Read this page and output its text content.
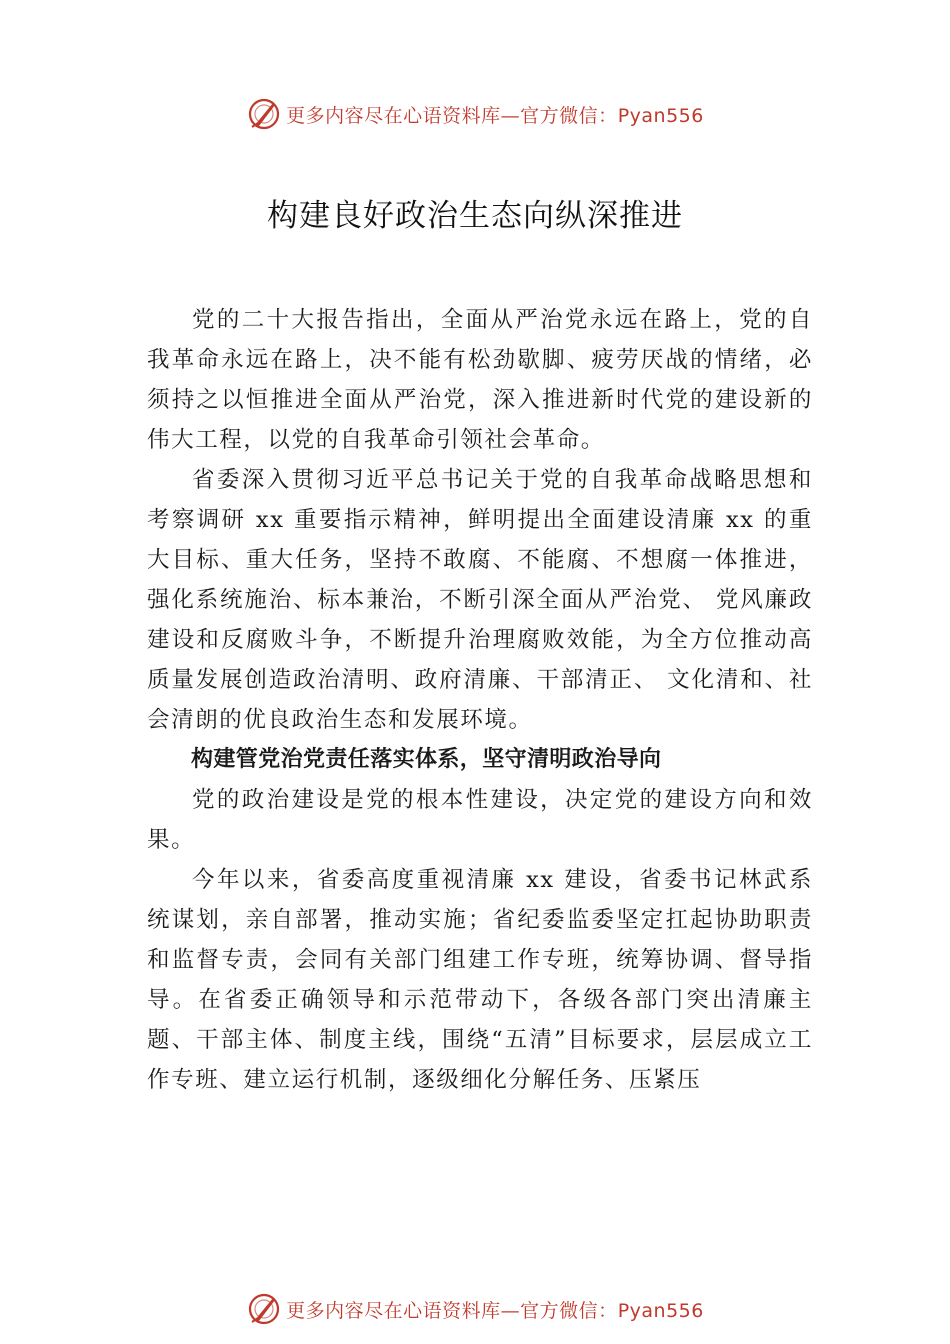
更多内容尽在心语资料库—官方微信：Pyan556
构建良好政治生态向纵深推进

党的二十大报告指出，全面从严治党永远在路上，党的自我革命永远在路上，决不能有松劲歇脚、疲劳厌战的情绪，必须持之以恒推进全面从严治党，深入推进新时代党的建设新的伟大工程，以党的自我革命引领社会革命。

省委深入贯彻习近平总书记关于党的自我革命战略思想和考察调研 xx 重要指示精神，鲜明提出全面建设清廉 xx 的重大目标、重大任务，坚持不敢腐、不能腐、不想腐一体推进，强化系统施治、标本兼治，不断引深全面从严治党、 党风廉政建设和反腐败斗争，不断提升治理腐败效能，为全方位推动高质量发展创造政治清明、政府清廉、干部清正、 文化清和、社会清朗的优良政治生态和发展环境。

构建管党治党责任落实体系，坚守清明政治导向

党的政治建设是党的根本性建设，决定党的建设方向和效果。

今年以来，省委高度重视清廉 xx 建设，省委书记林武系统谋划，亲自部署，推动实施；省纪委监委坚定扛起协助职责和监督专责，会同有关部门组建工作专班，统筹协调、督导指导。在省委正确领导和示范带动下，各级各部门突出清廉主题、干部主体、制度主线，围绕“五清”目标要求，层层成立工作专班、建立运行机制，逐级细化分解任务、压紧压

更多内容尽在心语资料库—官方微信：Pyan556
